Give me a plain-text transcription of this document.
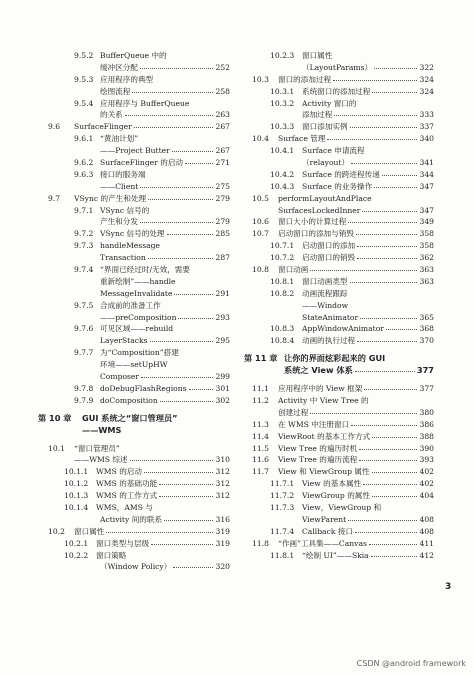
9.5.2 BufferQueue 中的
缓冲区分配	252
9.5.3 应用程序的典型
绘图流程	258
9.5.4 应用程序与 BufferQueue
的关系	263
9.6 SurfaceFlinger	267
9.6.1 “黄油计划”
——Project Butter	267
9.6.2 SurfaceFlinger 的启动	271
9.6.3 接口的服务端
——Client	275
9.7 VSync 的产生和处理	279
9.7.1 VSync 信号的
产生和分发	279
9.7.2 VSync 信号的处理	285
9.7.3 handleMessage
Transaction	287
9.7.4 “界面已经过时/无效，需要
重新绘制”——handle
MessageInvalidate	291
9.7.5 合成前的准备工作
——preComposition	293
9.7.6 可见区域——rebuild
LayerStacks	295
9.7.7 为“Composition”搭建
环境——setUpHW
Composer	299
9.7.8 doDebugFlashRegions	301
9.7.9 doComposition	302
第 10 章 GUI 系统之“窗口管理员”
——WMS
10.1 “窗口管理员”
——WMS 综述	310
10.1.1 WMS 的启动	312
10.1.2 WMS 的基础功能	312
10.1.3 WMS 的工作方式	312
10.1.4 WMS，AMS 与
Activity 间的联系	316
10.2 窗口属性	319
10.2.1 窗口类型与层级	319
10.2.2 窗口策略
（Window Policy）	320
10.2.3 窗口属性
（LayoutParams）	322
10.3 窗口的添加过程	324
10.3.1 系统窗口的添加过程	324
10.3.2 Activity 窗口的
添加过程	333
10.3.3 窗口添加实例	337
10.4 Surface 管理	340
10.4.1 Surface 申请流程
（relayout）	341
10.4.2 Surface 的跨进程传递	344
10.4.3 Surface 的业务操作	347
10.5 performLayoutAndPlace
SurfacesLockedInner	347
10.6 窗口大小的计算过程	349
10.7 启动窗口的添加与销毁	358
10.7.1 启动窗口的添加	358
10.7.2 启动窗口的销毁	362
10.8 窗口动画	363
10.8.1 窗口动画类型	363
10.8.2 动画流程跟踪
——Window
StateAnimator	365
10.8.3 AppWindowAnimator	368
10.8.4 动画的执行过程	370
第 11 章 让你的界面炫彩起来的 GUI
系统之 View 体系	377
11.1 应用程序中的 View 框架	377
11.2 Activity 中 View Tree 的
创建过程	380
11.3 在 WMS 中注册窗口	386
11.4 ViewRoot 的基本工作方式	388
11.5 View Tree 的遍历时机	390
11.6 View Tree 的遍历流程	393
11.7 View 和 ViewGroup 属性	402
11.7.1 View 的基本属性	402
11.7.2 ViewGroup 的属性	404
11.7.3 View，ViewGroup 和
ViewParent	408
11.7.4 Callback 接口	408
11.8 “作画”工具集——Canvas	411
11.8.1 “绘制 UI”——Skia	412
3
CSDN @android framework
